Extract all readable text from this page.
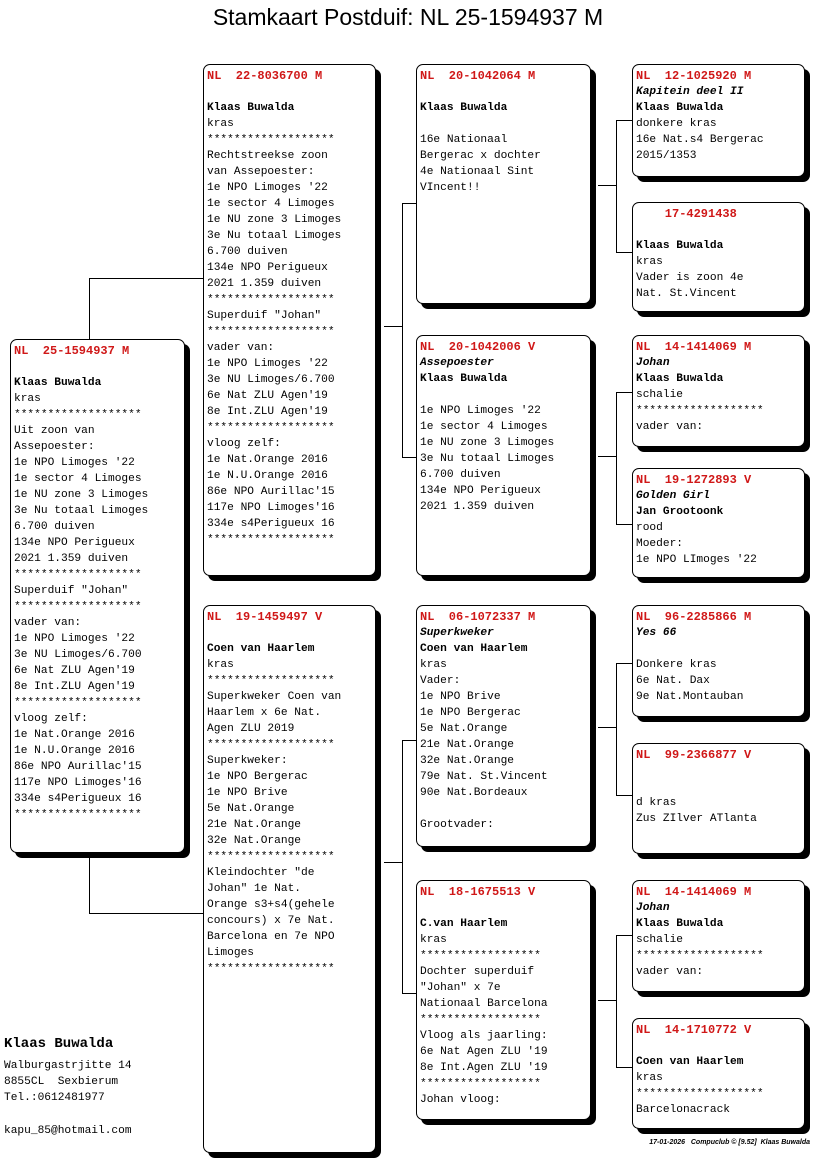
Stamkaart Postduif: NL 25-1594937 M
NL  25-1594937 M
Klaas Buwalda
kras
*******************
Uit zoon van
Assepoester:
1e NPO Limoges '22
1e sector 4 Limoges
1e NU zone 3 Limoges
3e Nu totaal Limoges
6.700 duiven
134e NPO Perigueux
2021 1.359 duiven
*******************
Superduif "Johan"
*******************
vader van:
1e NPO Limoges '22
3e NU Limoges/6.700
6e Nat ZLU Agen'19
8e Int.ZLU Agen'19
*******************
vloog zelf:
1e Nat.Orange 2016
1e N.U.Orange 2016
86e NPO Aurillac'15
117e NPO Limoges'16
334e s4Perigueux 16
*******************
NL  22-8036700 M
Klaas Buwalda
kras
*******************
Rechtstreekse zoon
van Assepoester:
1e NPO Limoges '22
1e sector 4 Limoges
1e NU zone 3 Limoges
3e Nu totaal Limoges
6.700 duiven
134e NPO Perigueux
2021 1.359 duiven
*******************
Superduif "Johan"
*******************
vader van:
1e NPO Limoges '22
3e NU Limoges/6.700
6e Nat ZLU Agen'19
8e Int.ZLU Agen'19
*******************
vloog zelf:
1e Nat.Orange 2016
1e N.U.Orange 2016
86e NPO Aurillac'15
117e NPO Limoges'16
334e s4Perigueux 16
*******************
NL  19-1459497 V
Coen van Haarlem
kras
*******************
Superkweker Coen van
Haarlem x 6e Nat.
Agen ZLU 2019
*******************
Superkweker:
1e NPO Bergerac
1e NPO Brive
5e Nat.Orange
21e Nat.Orange
32e Nat.Orange
*******************
Kleindochter "de
Johan" 1e Nat.
Orange s3+s4(gehele
concours) x 7e Nat.
Barcelona en 7e NPO
Limoges
*******************
NL  20-1042064 M
Klaas Buwalda
16e Nationaal
Bergerac x dochter
4e Nationaal Sint
VIncent!!
NL  20-1042006 V
Assepoester
Klaas Buwalda
1e NPO Limoges '22
1e sector 4 Limoges
1e NU zone 3 Limoges
3e Nu totaal Limoges
6.700 duiven
134e NPO Perigueux
2021 1.359 duiven
NL  06-1072337 M
Superkweker
Coen van Haarlem
kras
Vader:
1e NPO Brive
1e NPO Bergerac
5e Nat.Orange
21e Nat.Orange
32e Nat.Orange
79e Nat. St.Vincent
90e Nat.Bordeaux
Grootvader:
NL  18-1675513 V
C.van Haarlem
kras
******************
Dochter superduif
"Johan" x 7e
Nationaal Barcelona
******************
Vloog als jaarling:
6e Nat Agen ZLU '19
8e Int.Agen ZLU '19
******************
Johan vloog:
NL  12-1025920 M
Kapitein deel II
Klaas Buwalda
donkere kras
16e Nat.s4 Bergerac
2015/1353
17-4291438
Klaas Buwalda
kras
Vader is zoon 4e
Nat. St.Vincent
NL  14-1414069 M
Johan
Klaas Buwalda
schalie
*******************
vader van:
NL  19-1272893 V
Golden Girl
Jan Grootoonk
rood
Moeder:
1e NPO LImoges '22
NL  96-2285866 M
Yes 66
Donkere kras
6e Nat. Dax
9e Nat.Montauban
NL  99-2366877 V
d kras
Zus ZIlver ATlanta
NL  14-1414069 M
Johan
Klaas Buwalda
schalie
*******************
vader van:
NL  14-1710772 V
Coen van Haarlem
kras
*******************
Barcelonacrack
Klaas Buwalda
Walburgastrjitte 14
8855CL  Sexbierum
Tel.:0612481977
kapu_85@hotmail.com
17-01-2026   Compuclub © [9.52]  Klaas Buwalda
